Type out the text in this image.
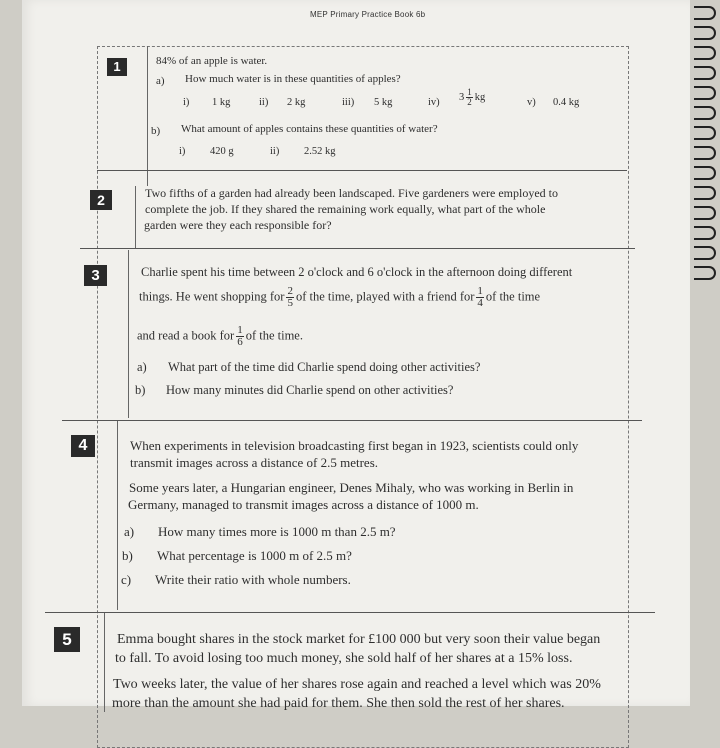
MEP Primary Practice Book 6b
1	84% of an apple is water.
a) How much water is in these quantities of apples?
i) 1 kg	ii) 2 kg	iii) 5 kg	iv) $3 \frac{1}{2}$ kg	v) 0.4 kg
b) What amount of apples contains these quantities of water?
i) 420 g	ii) 2.52 kg
2	Two fifths of a garden had already been landscaped. Five gardeners were employed to
complete the job. If they shared the remaining work equally, what part of the whole
garden were they each responsible for?
3	Charlie spent his time between 2 o'clock and 6 o'clock in the afternoon doing different
things. He went shopping for $\frac{2}{5}$ of the time, played with a friend for $\frac{1}{4}$ of the time
and read a book for $\frac{1}{6}$ of the time.
a) What part of the time did Charlie spend doing other activities?
b) How many minutes did Charlie spend on other activities?
4	When experiments in television broadcasting first began in 1923, scientists could only
transmit images across a distance of 2.5 metres.
Some years later, a Hungarian engineer, Denes Mihaly, who was working in Berlin in
Germany, managed to transmit images across a distance of 1000 m.
a) How many times more is 1000 m than 2.5 m?
b) What percentage is 1000 m of 2.5 m?
c) Write their ratio with whole numbers.
5	Emma bought shares in the stock market for £100 000 but very soon their value began
to fall. To avoid losing too much money, she sold half of her shares at a 15% loss.
Two weeks later, the value of her shares rose again and reached a level which was 20%
more than the amount she had paid for them. She then sold the rest of her shares.
